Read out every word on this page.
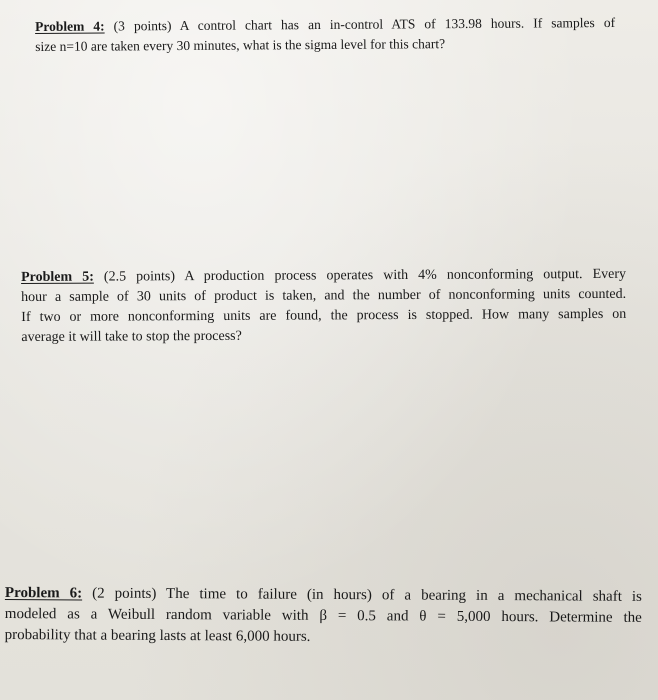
Problem 4: (3 points) A control chart has an in-control ATS of 133.98 hours. If samples of
size n=10 are taken every 30 minutes, what is the sigma level for this chart?
Problem 5: (2.5 points) A production process operates with 4% nonconforming output. Every
hour a sample of 30 units of product is taken, and the number of nonconforming units counted.
If two or more nonconforming units are found, the process is stopped. How many samples on
average it will take to stop the process?
Problem 6: (2 points) The time to failure (in hours) of a bearing in a mechanical shaft is
modeled as a Weibull random variable with β = 0.5 and θ = 5,000 hours. Determine the
probability that a bearing lasts at least 6,000 hours.
